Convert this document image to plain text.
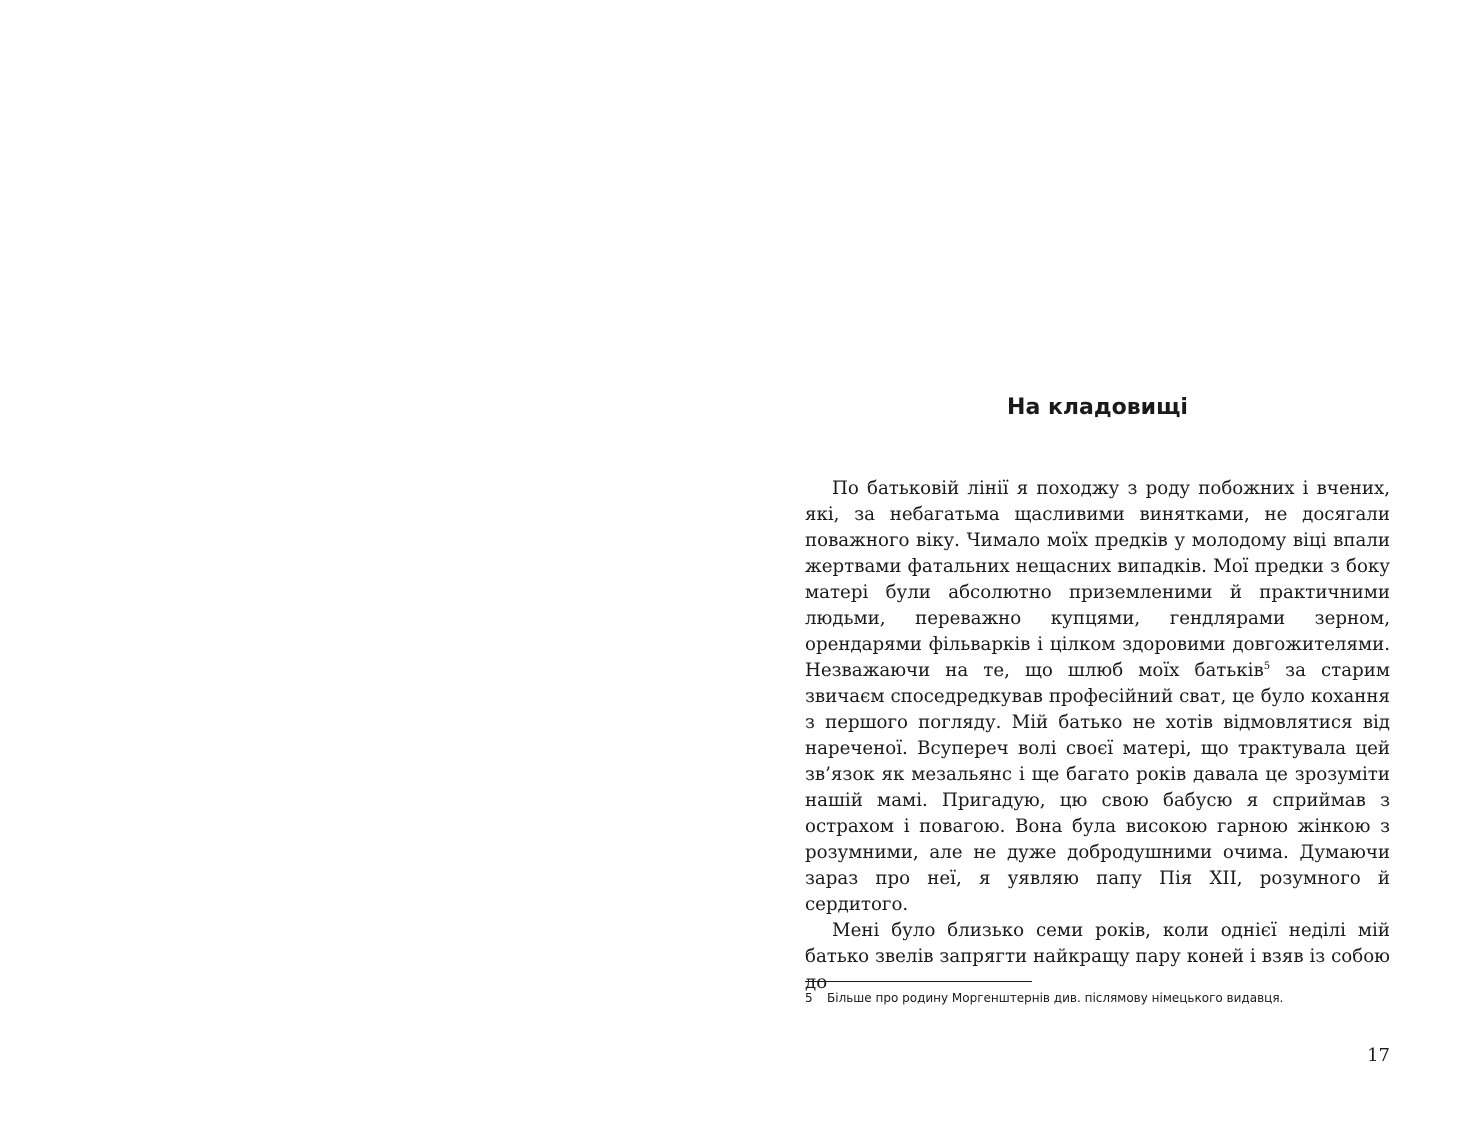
На кладовищі

По батьковій лінії я походжу з роду побожних і вчених, які, за небагатьма щасливими винятками, не досягали поважного віку. Чимало моїх предків у молодому віці впали жертвами фатальних нещасних випадків. Мої предки з боку матері були абсолютно приземленими й практичними людьми, переважно купцями, гендлярами зерном, орендарями фільварків і цілком здоровими довгожителями. Незважаючи на те, що шлюб моїх батьків$^5$ за старим звичаєм споседредкував професійний сват, це було кохання з першого погляду. Мій батько не хотів відмовлятися від нареченої. Всупереч волі своєї матері, що трактувала цей зв’язок як мезальянс і ще багато років давала це зрозуміти нашій мамі. Пригадую, цю свою бабусю я сприймав з острахом і повагою. Вона була високою гарною жінкою з розумними, але не дуже добродушними очима. Думаючи зараз про неї, я уявляю папу Пія XII, розумного й сердитого.

Мені було близько семи років, коли однієї неділі мій батько звелів запрягти найкращу пару коней і взяв із собою до

5 Більше про родину Моргенштернів див. післямову німецького видавця.
17
